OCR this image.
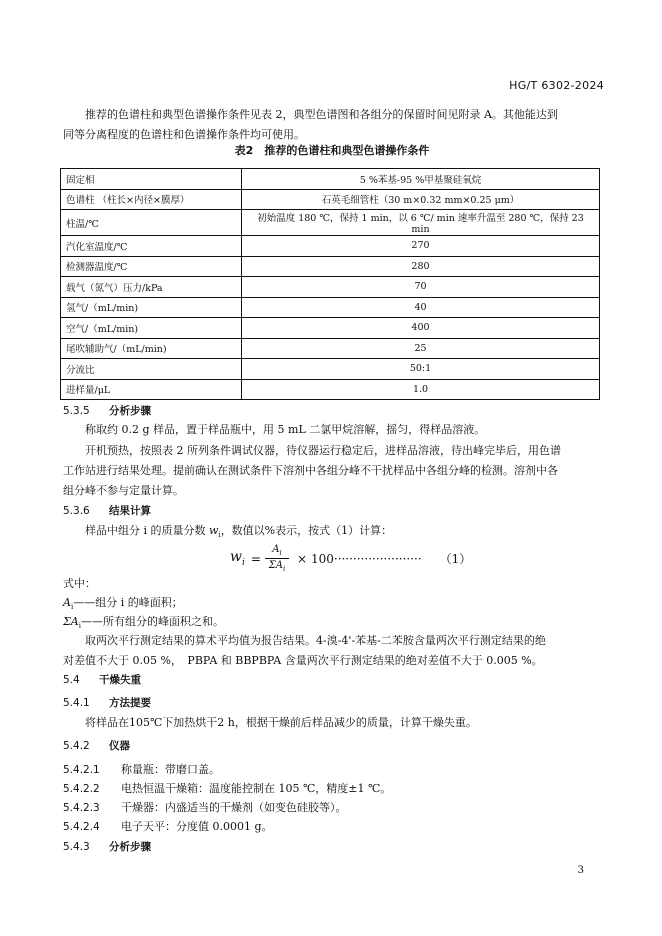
HG/T 6302-2024

推荐的色谱柱和典型色谱操作条件见表 2，典型色谱图和各组分的保留时间见附录 A。其他能达到

同等分离程度的色谱柱和色谱操作条件均可使用。

表2　推荐的色谱柱和典型色谱操作条件
固定相	5 %苯基-95 %甲基聚硅氧烷
色谱柱 （柱长×内径×膜厚）	石英毛细管柱（30 m×0.32 mm×0.25 μm）
柱温/℃	初始温度 180 ℃，保持 1 min，以 6 ℃/ min 速率升温至 280 ℃，保持 23 min
汽化室温度/℃	270
检测器温度/℃	280
载气（氮气）压力/kPa	70
氢气/（mL/min)	40
空气/（mL/min)	400
尾吹辅助气/（mL/min)	25
分流比	50:1
进样量/μL	1.0
5.3.5 分析步骤
称取约 0.2 g 样品，置于样品瓶中，用 5 mL 二氯甲烷溶解，摇匀，得样品溶液。
开机预热，按照表 2 所列条件调试仪器，待仪器运行稳定后，进样品溶液，待出峰完毕后，用色谱
工作站进行结果处理。提前确认在测试条件下溶剂中各组分峰不干扰样品中各组分峰的检测。溶剂中各
组分峰不参与定量计算。
5.3.6 结果计算
样品中组分 i 的质量分数 $w_i$，数值以%表示，按式（1）计算：
$w_i = \frac{A_i}{\Sigma A_i} \times 100$ ······················· （1）
式中：
$A_i——$组分 i 的峰面积；
$\Sigma A_i——$所有组分的峰面积之和。
取两次平行测定结果的算术平均值为报告结果。4-溴-4'-苯基-二苯胺含量两次平行测定结果的绝
对差值不大于 0.05 %，　PBPA 和 BBPBPA 含量两次平行测定结果的绝对差值不大于 0.005 %。
5.4 干燥失重
5.4.1 方法提要
将样品在105℃下加热烘干2 h，根据干燥前后样品减少的质量，计算干燥失重。
5.4.2 仪器
5.4.2.1 称量瓶：带磨口盖。
5.4.2.2 电热恒温干燥箱：温度能控制在 105 ℃，精度±1 ℃。
5.4.2.3 干燥器：内盛适当的干燥剂（如变色硅胶等）。
5.4.2.4 电子天平：分度值 0.0001 g。
5.4.3 分析步骤
3
